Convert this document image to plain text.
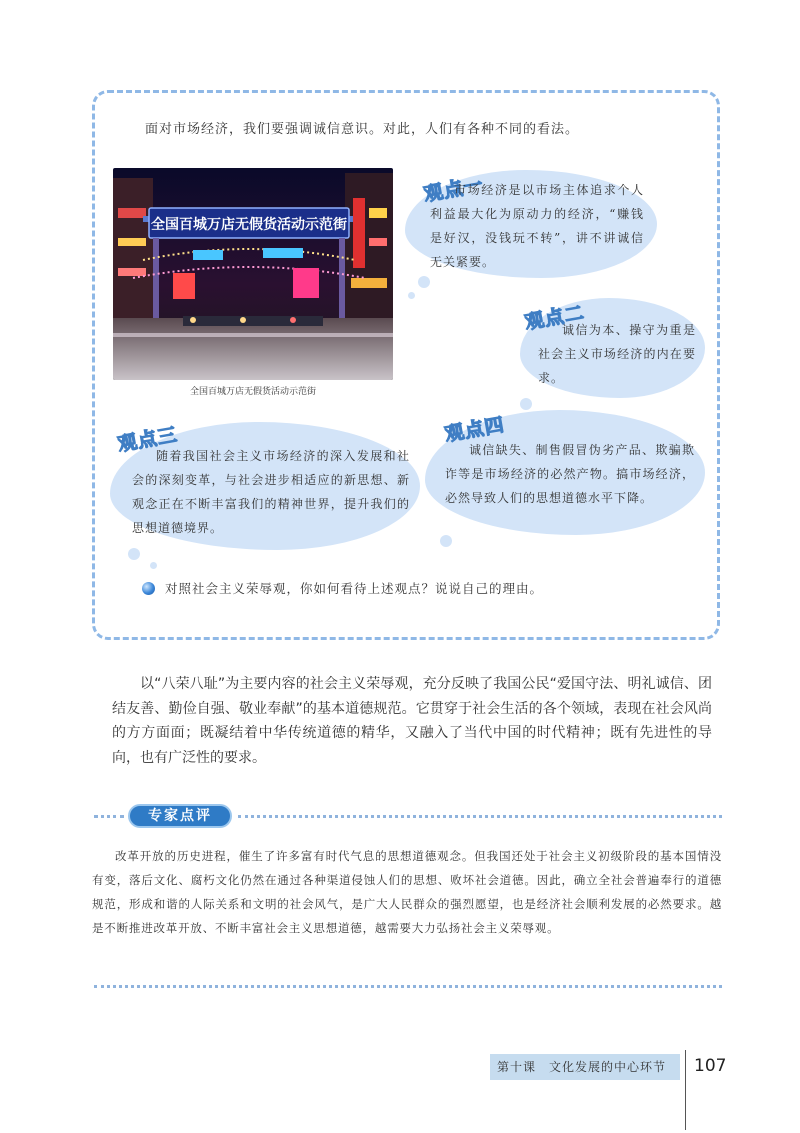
面对市场经济，我们要强调诚信意识。对此，人们有各种不同的看法。
全国百城万店无假货活动示范街
全国百城万店无假货活动示范街
观点一
市场经济是以市场主体追求个人利益最大化为原动力的经济，“赚钱是好汉，没钱玩不转”，讲不讲诚信无关紧要。
观点二
诚信为本、操守为重是社会主义市场经济的内在要求。
观点三
随着我国社会主义市场经济的深入发展和社会的深刻变革，与社会进步相适应的新思想、新观念正在不断丰富我们的精神世界，提升我们的思想道德境界。
观点四
诚信缺失、制售假冒伪劣产品、欺骗欺诈等是市场经济的必然产物。搞市场经济，必然导致人们的思想道德水平下降。
对照社会主义荣辱观，你如何看待上述观点？说说自己的理由。
以“八荣八耻”为主要内容的社会主义荣辱观，充分反映了我国公民“爱国守法、明礼诚信、团结友善、勤俭自强、敬业奉献”的基本道德规范。它贯穿于社会生活的各个领域，表现在社会风尚的方方面面；既凝结着中华传统道德的精华，又融入了当代中国的时代精神；既有先进性的导向，也有广泛性的要求。
专家点评
改革开放的历史进程，催生了许多富有时代气息的思想道德观念。但我国还处于社会主义初级阶段的基本国情没有变，落后文化、腐朽文化仍然在通过各种渠道侵蚀人们的思想、败坏社会道德。因此，确立全社会普遍奉行的道德规范，形成和谐的人际关系和文明的社会风气，是广大人民群众的强烈愿望，也是经济社会顺利发展的必然要求。越是不断推进改革开放、不断丰富社会主义思想道德，越需要大力弘扬社会主义荣辱观。
第十课　文化发展的中心环节 107
